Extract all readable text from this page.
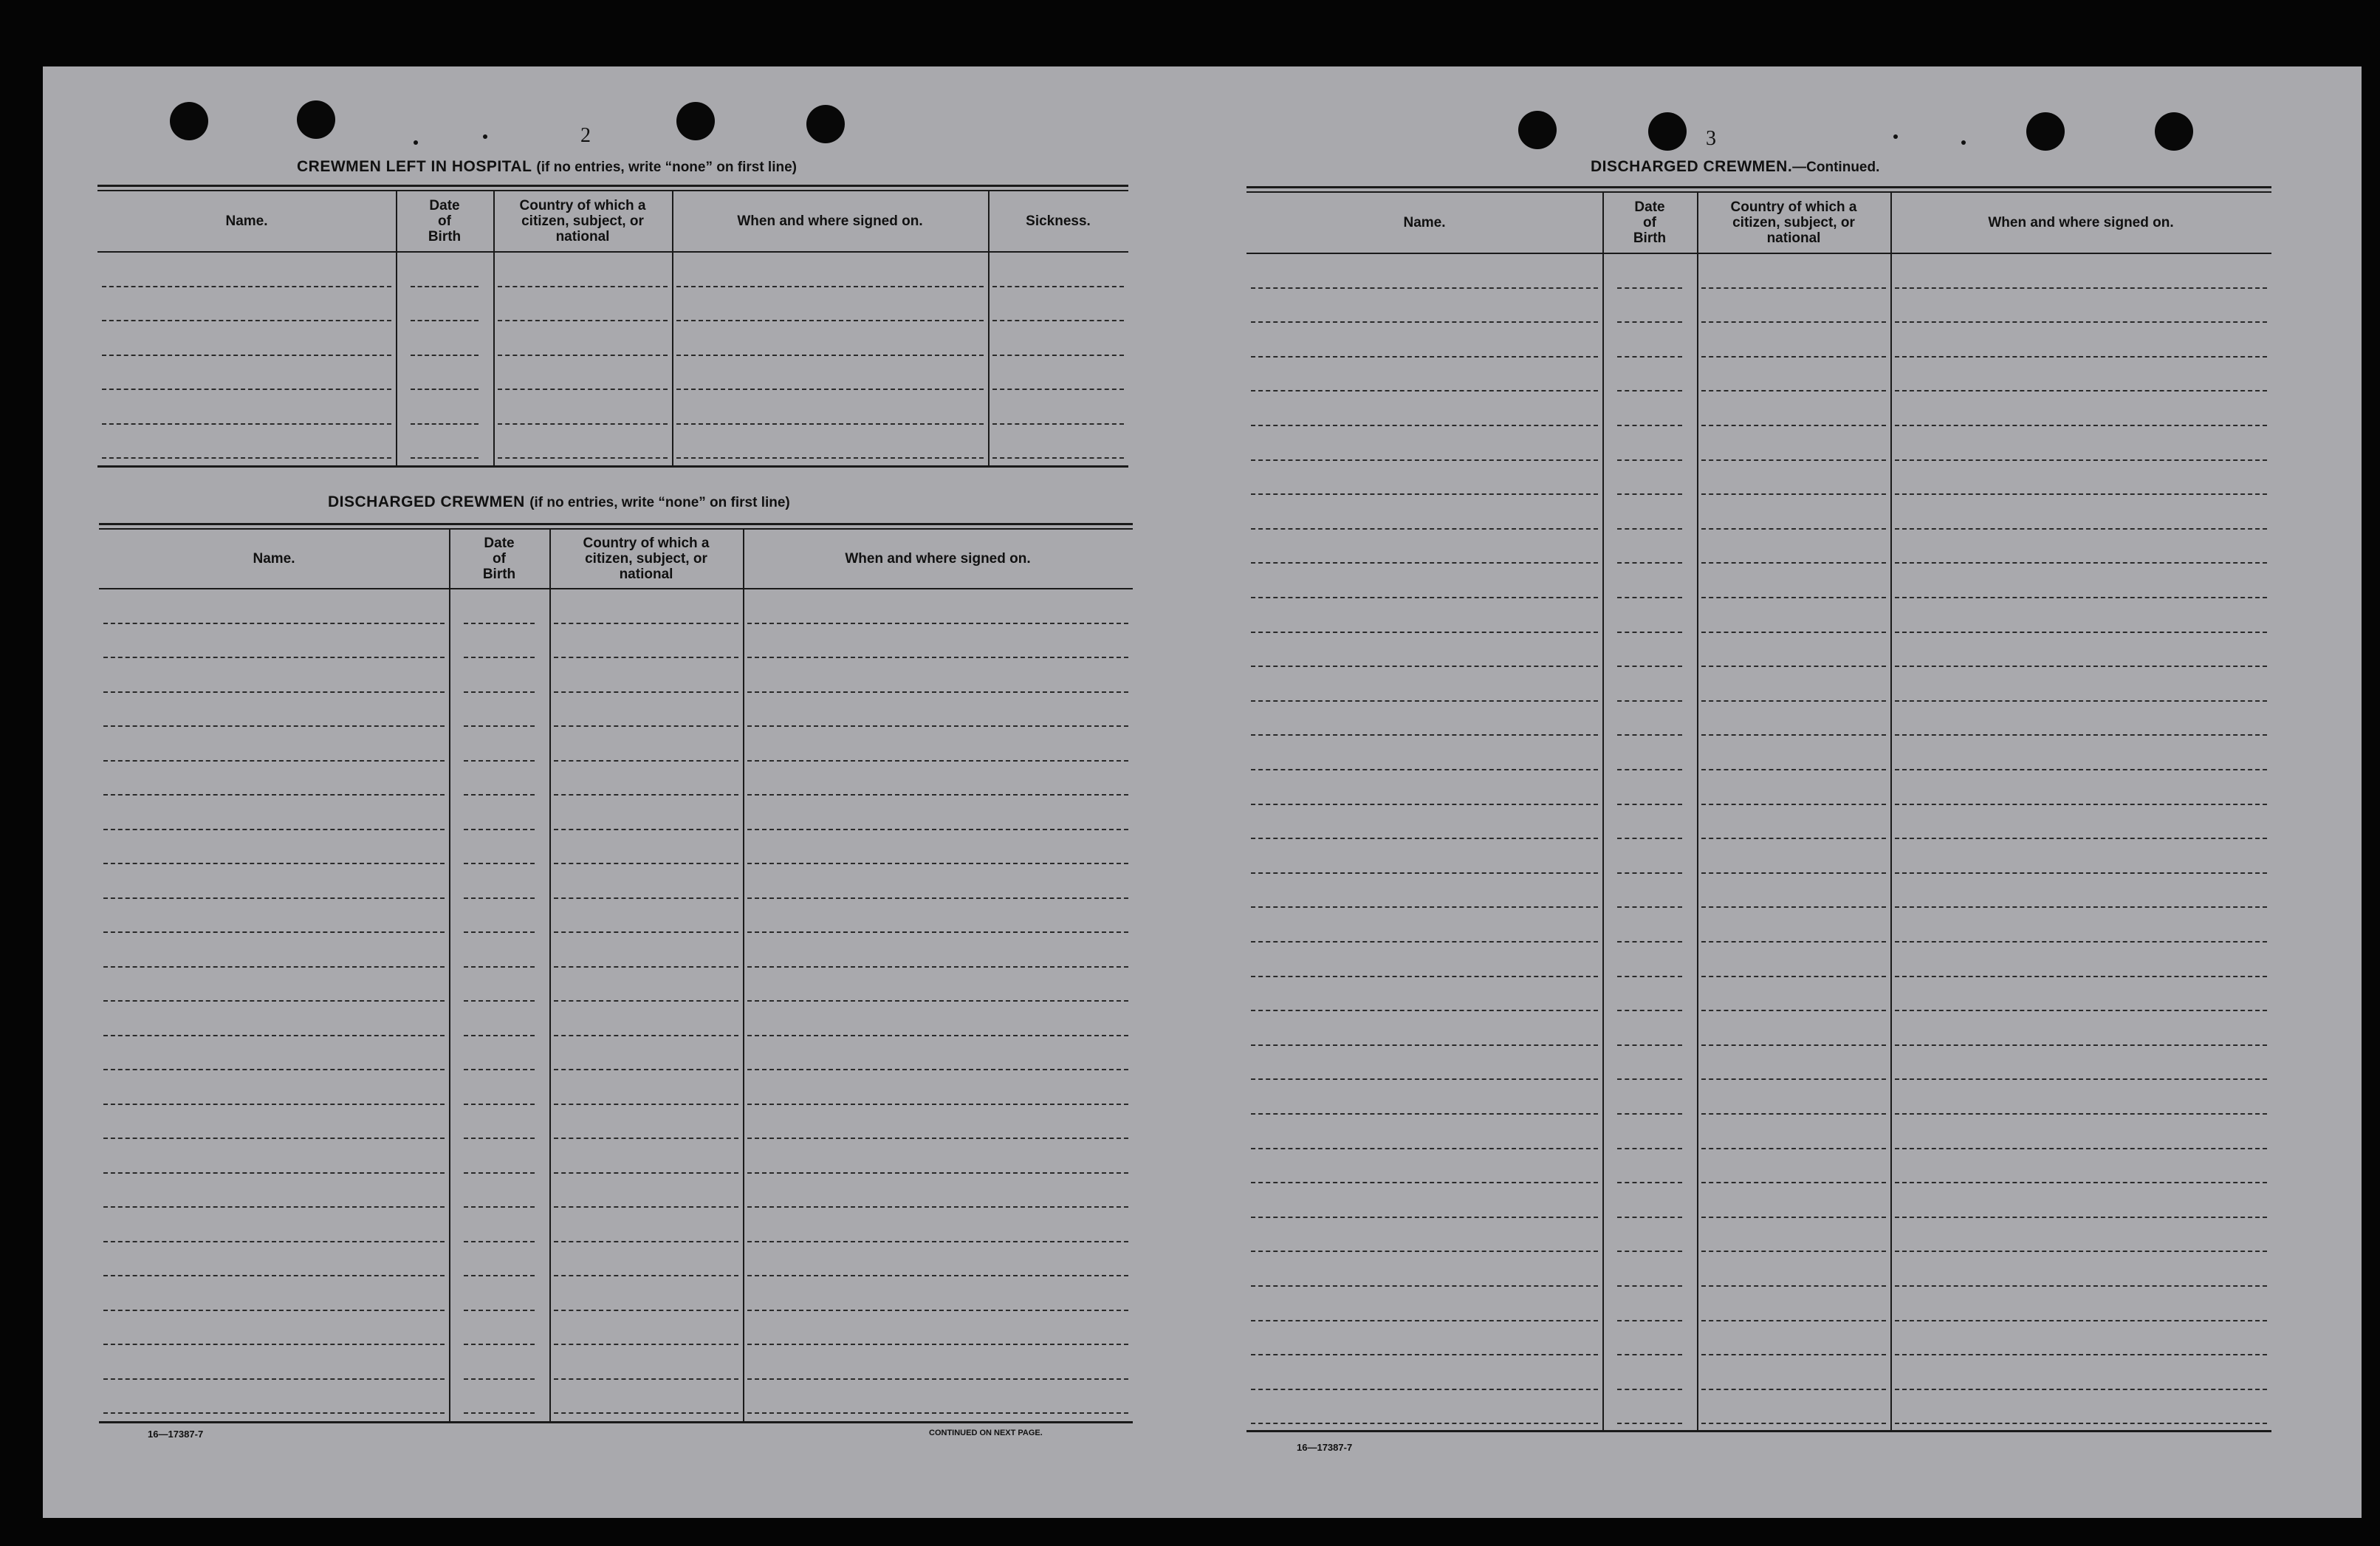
2
CREWMEN LEFT IN HOSPITAL (if no entries, write “none” on first line)
DISCHARGED CREWMEN (if no entries, write “none” on first line)
16—17387-7	CONTINUED ON NEXT PAGE.
3
DISCHARGED CREWMEN.—Continued.
16—17387-7
Name.
Date of Birth
Country of which a citizen, subject, or national
When and where signed on.	Sickness.
Name.
Date of Birth
Country of which a citizen, subject, or national
When and where signed on.
Name.
Date of Birth
Country of which a citizen, subject, or national
When and where signed on.
